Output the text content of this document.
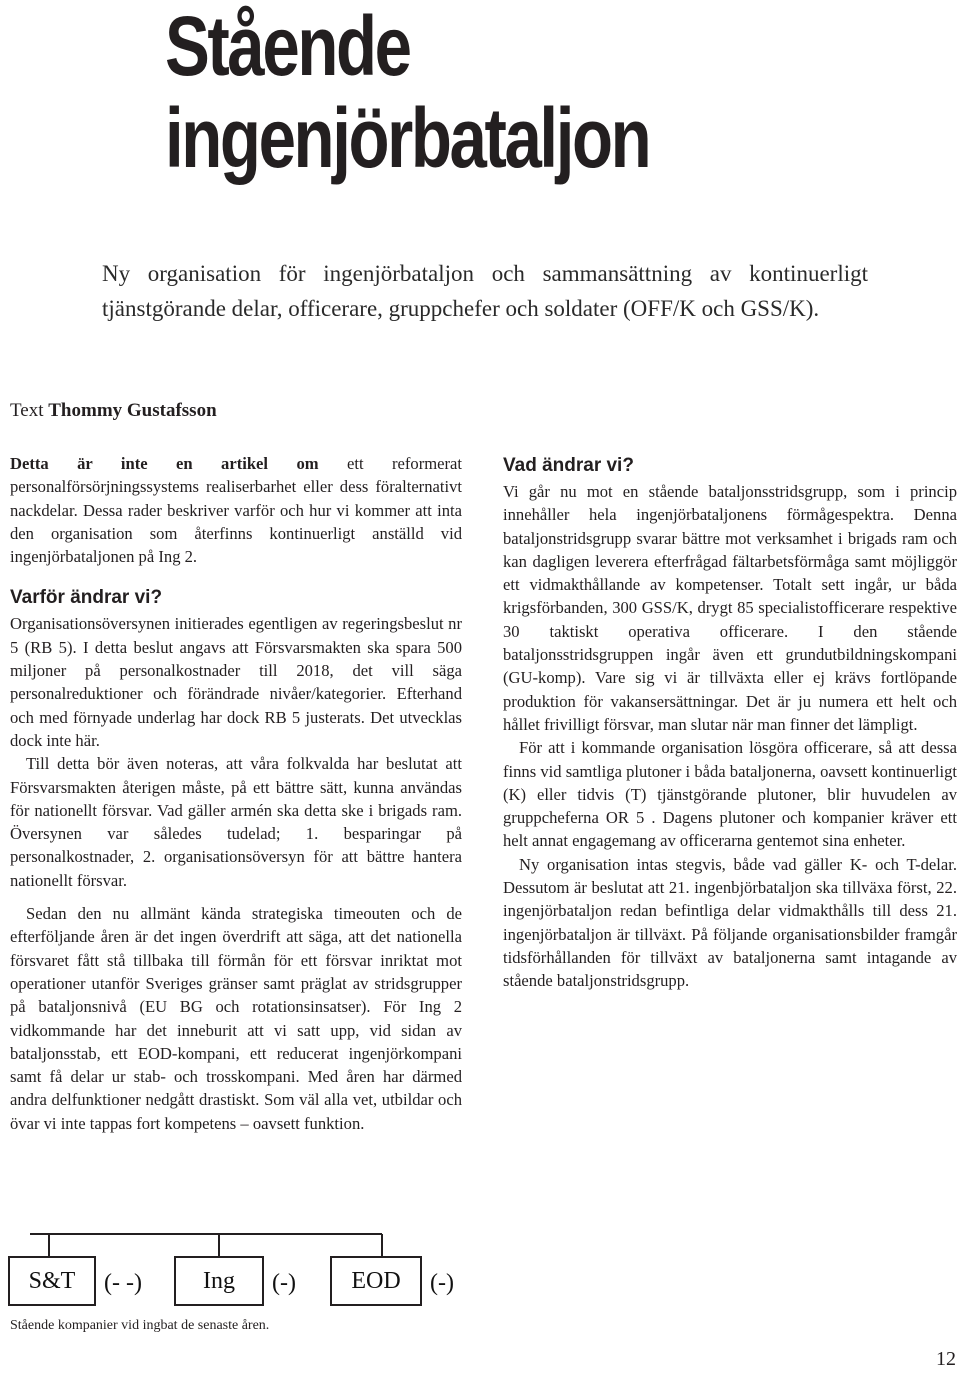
Stående
ingenjörbataljon

Ny organisation för ingenjörbataljon och sammansättning av kontinuerligt tjänstgörande delar, officerare, gruppchefer och soldater (OFF/K och GSS/K).

Text Thommy Gustafsson

Detta är inte en artikel om ett reformerat personalförsörjningssystems realiserbarhet eller dess föralternativt nackdelar. Dessa rader beskriver varför och hur vi kommer att inta den organisation som återfinns kontinuerligt anställd vid ingenjörbataljonen på Ing 2.

Varför ändrar vi?

Organisationsöversynen initierades egentligen av regeringsbeslut nr 5 (RB 5). I detta beslut angavs att Försvarsmakten ska spara 500 miljoner på personalkostnader till 2018, det vill säga personalreduktioner och förändrade nivåer/kategorier. Efterhand och med förnyade underlag har dock RB 5 justerats. Det utvecklas dock inte här.

Till detta bör även noteras, att våra folkvalda har beslutat att Försvarsmakten återigen måste, på ett bättre sätt, kunna användas för nationellt försvar. Vad gäller armén ska detta ske i brigads ram. Översynen var således tudelad; 1. besparingar på personalkostnader, 2. organisationsöversyn för att bättre hantera nationellt försvar.

Sedan den nu allmänt kända strategiska timeouten och de efterföljande åren är det ingen överdrift att säga, att det nationella försvaret fått stå tillbaka till förmån för ett försvar inriktat mot operationer utanför Sveriges gränser samt präglat av stridsgrupper på bataljonsnivå (EU BG och rotationsinsatser). För Ing 2 vidkommande har det inneburit att vi satt upp, vid sidan av bataljonsstab, ett EOD-kompani, ett reducerat ingenjörkompani samt få delar ur stab- och trosskompani. Med åren har därmed andra delfunktioner nedgått drastiskt. Som väl alla vet, utbildar och övar vi inte tappas fort kompetens – oavsett funktion.

Vad ändrar vi?

Vi går nu mot en stående bataljonsstridsgrupp, som i princip innehåller hela ingenjörbataljonens förmågespektra. Denna bataljonstridsgrupp svarar bättre mot verksamhet i brigads ram och kan dagligen leverera efterfrågad fältarbetsförmåga samt möjliggör ett vidmakthållande av kompetenser. Totalt sett ingår, ur båda krigsförbanden, 300 GSS/K, drygt 85 specialistofficerare respektive 30 taktiskt operativa officerare. I den stående bataljonsstridsgruppen ingår även ett grundutbildningskompani (GU-komp). Vare sig vi är tillväxta eller ej krävs fortlöpande produktion för vakansersättningar. Det är ju numera ett helt och hållet frivilligt försvar, man slutar när man finner det lämpligt.

För att i kommande organisation lösgöra officerare, så att dessa finns vid samtliga plutoner i båda bataljonerna, oavsett kontinuerligt (K) eller tidvis (T) tjänstgörande plutoner, blir huvudelen av gruppcheferna OR 5 . Dagens plutoner och kompanier kräver ett helt annat engagemang av officerarna gentemot sina enheter.

Ny organisation intas stegvis, både vad gäller K- och T-delar. Dessutom är beslutat att 21. ingenbjörbataljon ska tillväxa först, 22. ingenjörbataljon redan befintliga delar vidmakthålls till dess 21. ingenjörbataljon är tillväxt. På följande organisationsbilder framgår tidsförhållanden för tillväxt av bataljonerna samt intagande av stående bataljonstridsgrupp.

S&T (- -)	Ing (-) EOD (-)
Stående kompanier vid ingbat de senaste åren.
12
